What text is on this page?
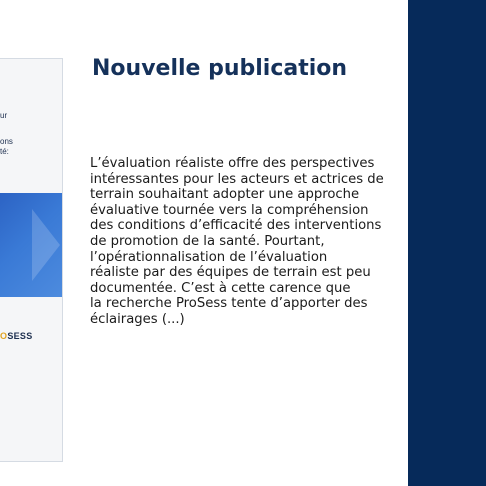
ur
ons
té:
OSESS
Nouvelle publication
L’évaluation réaliste offre des perspectives
intéressantes pour les acteurs et actrices de
terrain souhaitant adopter une approche
évaluative tournée vers la compréhension
des conditions d’efficacité des interventions
de promotion de la santé. Pourtant,
l’opérationnalisation de l’évaluation
réaliste par des équipes de terrain est peu
documentée. C’est à cette carence que
la recherche ProSess tente d’apporter des
éclairages (...)
